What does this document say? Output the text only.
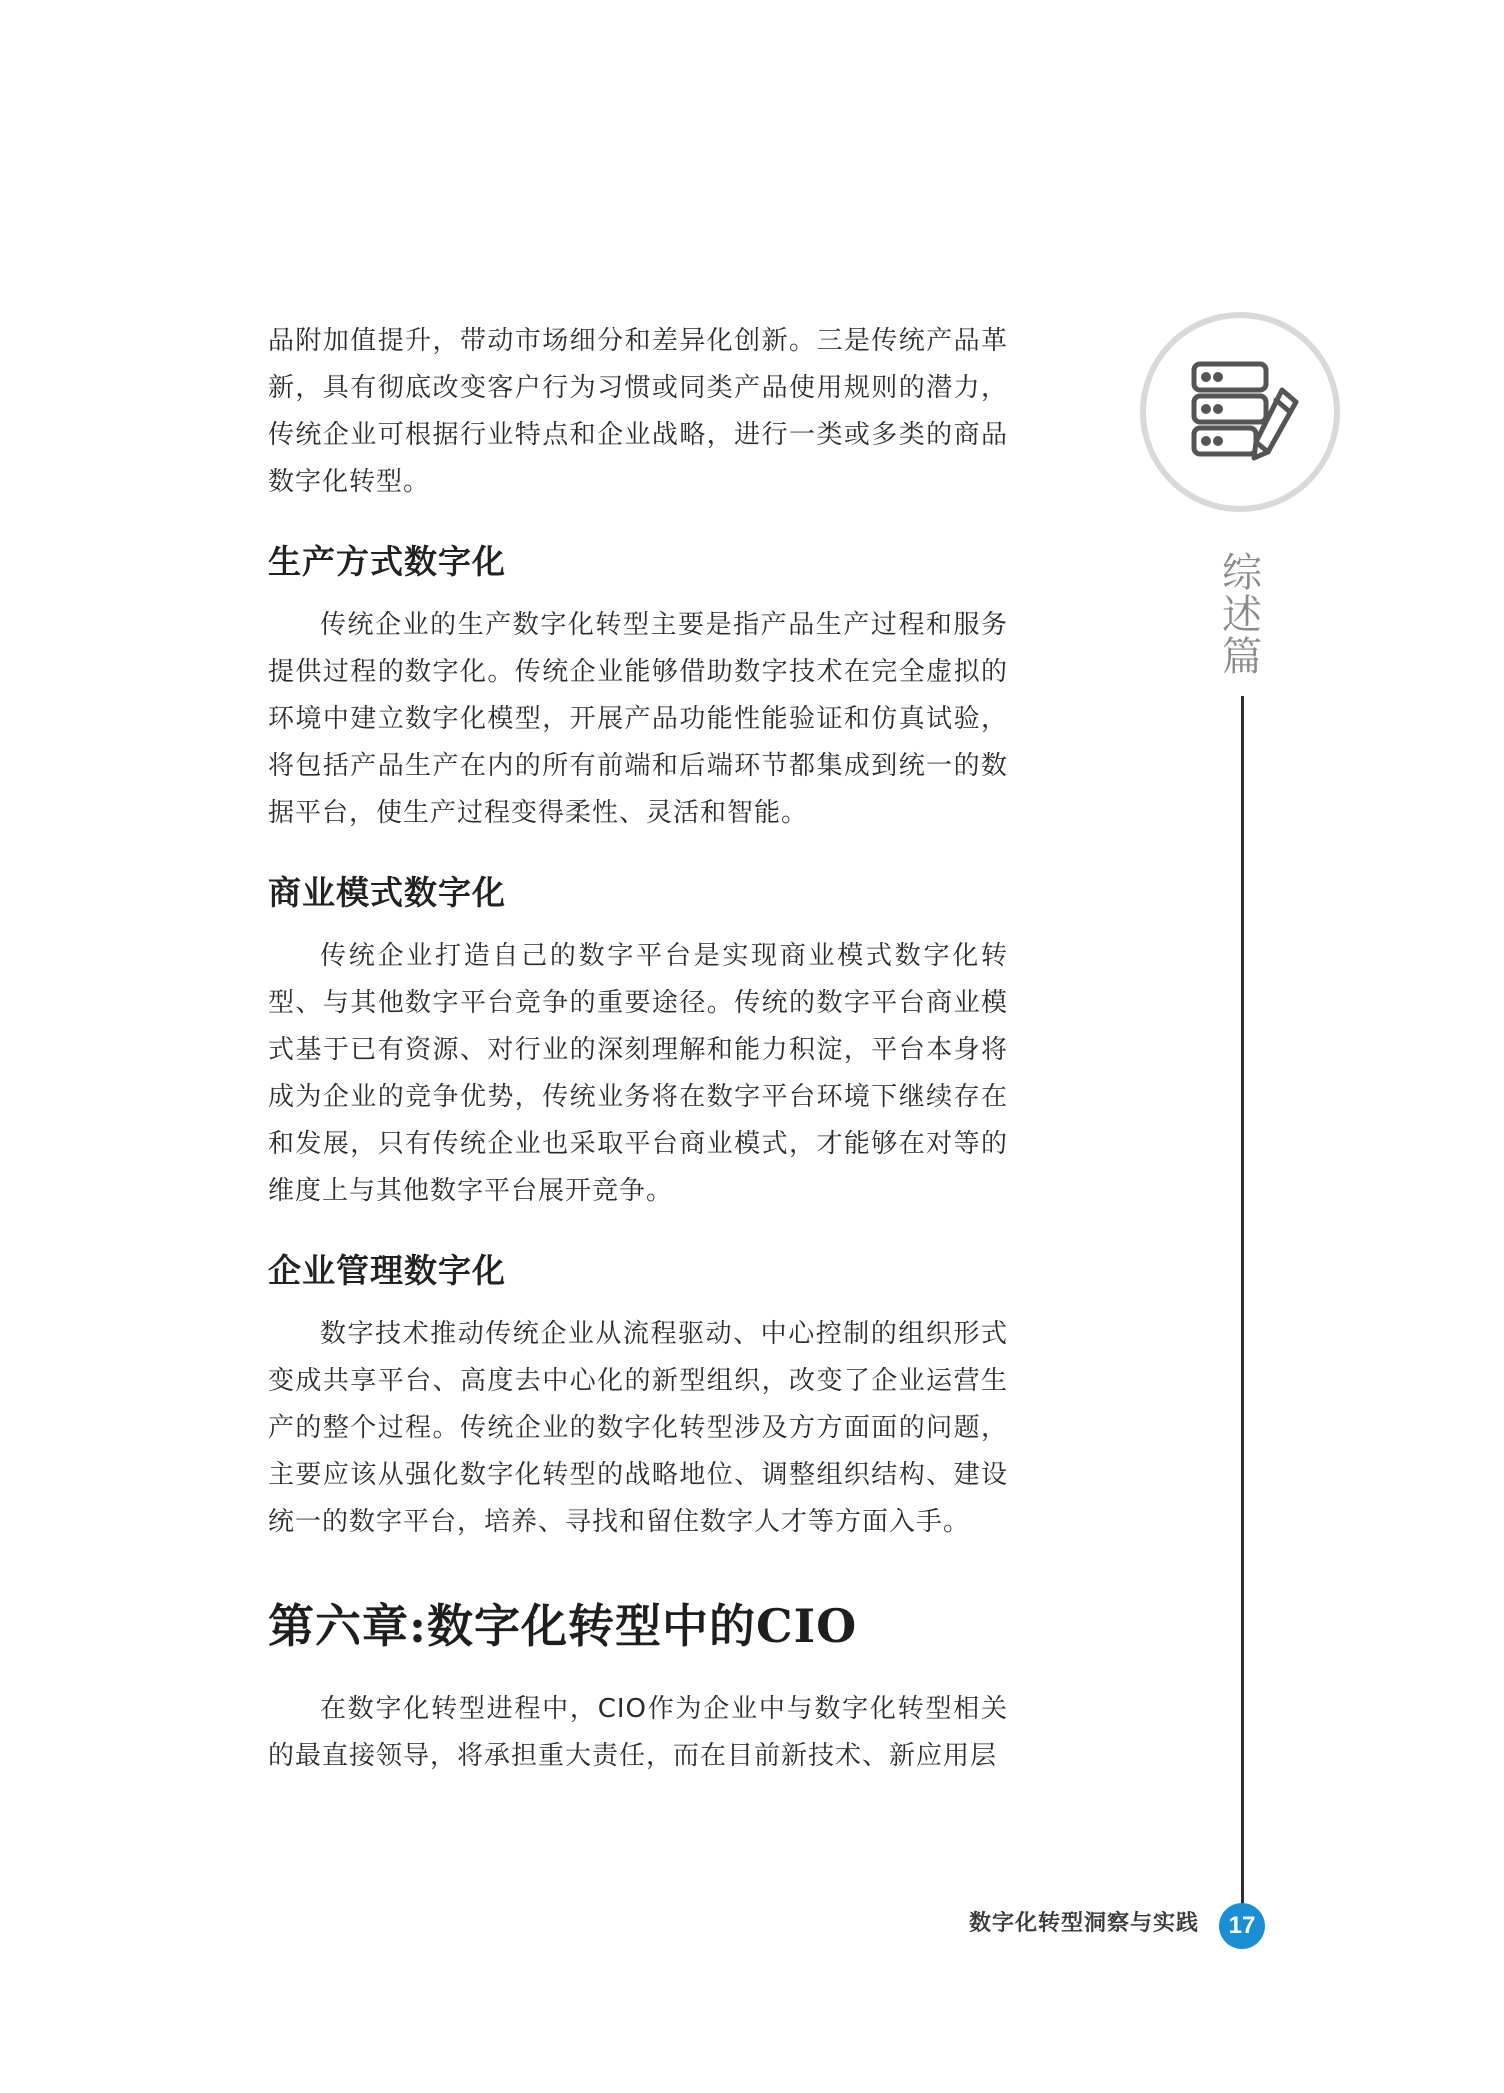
品附加值提升，带动市场细分和差异化创新。三是传统产品革新，具有彻底改变客户行为习惯或同类产品使用规则的潜力，传统企业可根据行业特点和企业战略，进行一类或多类的商品数字化转型。

生产方式数字化

传统企业的生产数字化转型主要是指产品生产过程和服务提供过程的数字化。传统企业能够借助数字技术在完全虚拟的环境中建立数字化模型，开展产品功能性能验证和仿真试验，将包括产品生产在内的所有前端和后端环节都集成到统一的数据平台，使生产过程变得柔性、灵活和智能。

商业模式数字化

传统企业打造自己的数字平台是实现商业模式数字化转型、与其他数字平台竞争的重要途径。传统的数字平台商业模式基于已有资源、对行业的深刻理解和能力积淀，平台本身将成为企业的竞争优势，传统业务将在数字平台环境下继续存在和发展，只有传统企业也采取平台商业模式，才能够在对等的维度上与其他数字平台展开竞争。

企业管理数字化

数字技术推动传统企业从流程驱动、中心控制的组织形式变成共享平台、高度去中心化的新型组织，改变了企业运营生产的整个过程。传统企业的数字化转型涉及方方面面的问题，主要应该从强化数字化转型的战略地位、调整组织结构、建设统一的数字平台，培养、寻找和留住数字人才等方面入手。

第六章:数字化转型中的CIO

在数字化转型进程中，CIO作为企业中与数字化转型相关的最直接领导，将承担重大责任，而在目前新技术、新应用层

综述篇
数字化转型洞察与实践	17
